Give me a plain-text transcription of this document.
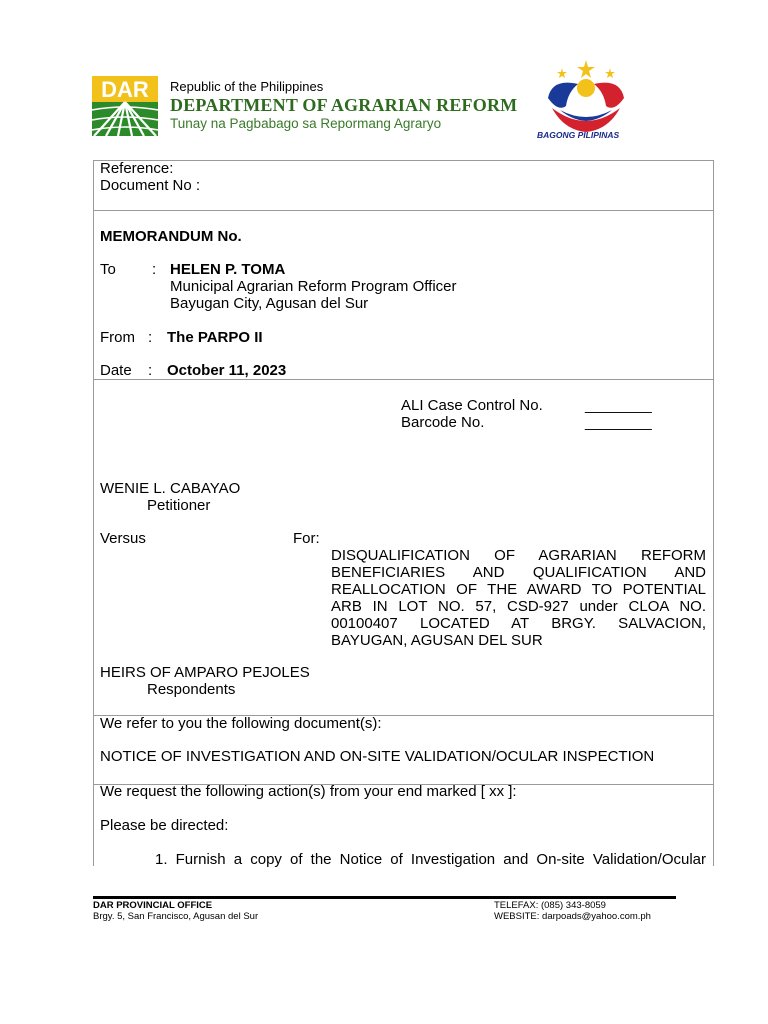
DAR Republic of the Philippines
DEPARTMENT OF AGRARIAN REFORM
Tunay na Pagbabago sa Repormang Agraryo
BAGONG PILIPINAS
Reference:
Document No :
MEMORANDUM No.
To : HELEN P. TOMA
Municipal Agrarian Reform Program Officer
Bayugan City, Agusan del Sur
From : The PARPO II
Date : October 11, 2023
ALI Case Control No.	________
Barcode No.	________
WENIE L. CABAYAO
Petitioner
Versus	For:
DISQUALIFICATION OF AGRARIAN REFORM BENEFICIARIES AND QUALIFICATION AND REALLOCATION OF THE AWARD TO POTENTIAL ARB IN LOT NO. 57, CSD-927 under CLOA NO. 00100407 LOCATED AT BRGY. SALVACION, BAYUGAN, AGUSAN DEL SUR
HEIRS OF AMPARO PEJOLES
Respondents
We refer to you the following document(s):
NOTICE OF INVESTIGATION AND ON-SITE VALIDATION/OCULAR INSPECTION
We request the following action(s) from your end marked [ xx ]:
Please be directed:
1. Furnish a copy of the Notice of Investigation and On-site Validation/Ocular
DAR PROVINCIAL OFFICE
Brgy. 5, San Francisco, Agusan del Sur
TELEFAX: (085) 343-8059
WEBSITE: darpoads@yahoo.com.ph
